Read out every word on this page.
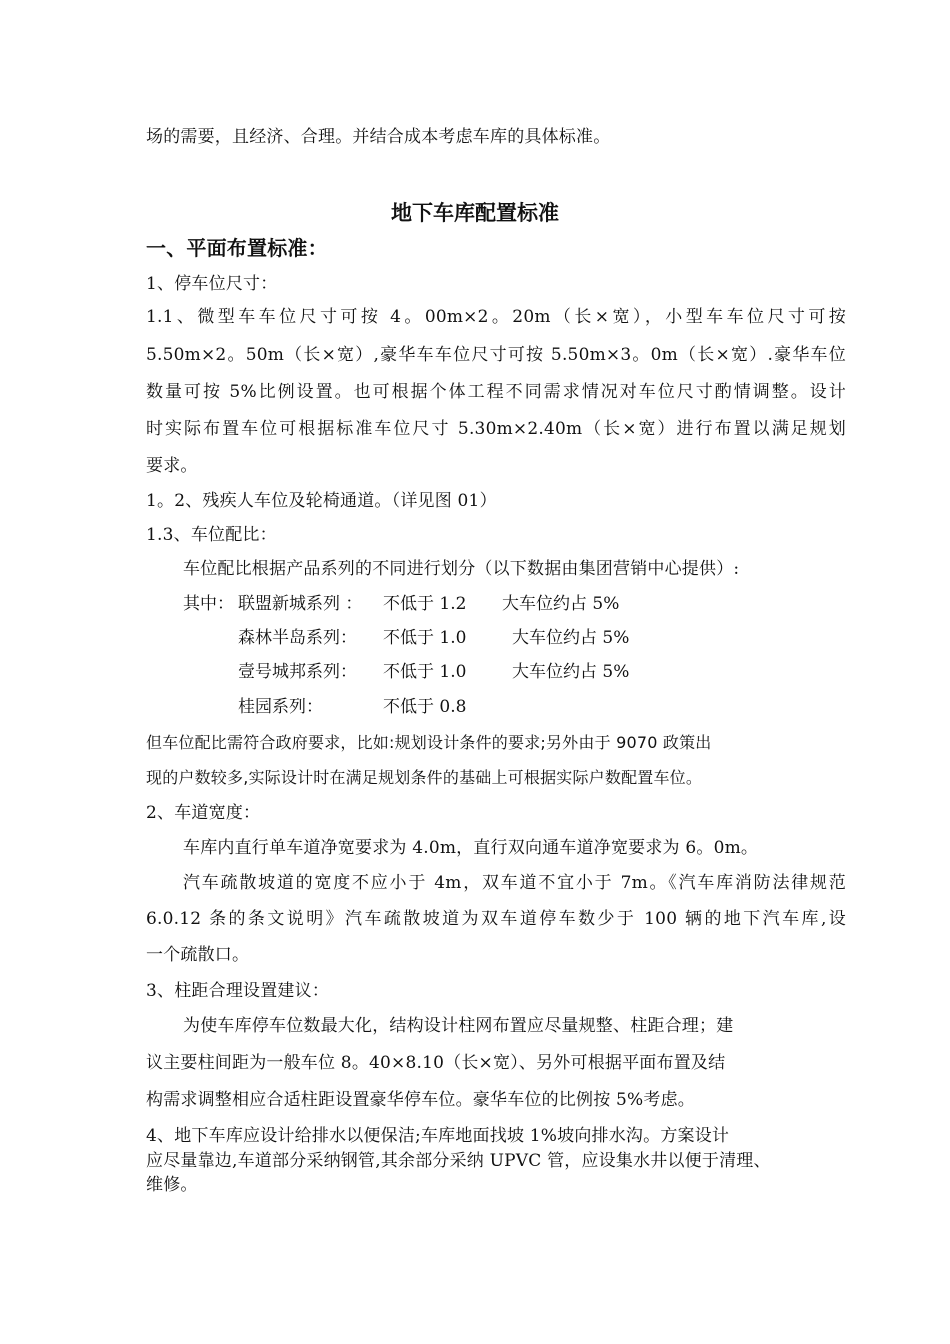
场的需要，且经济、合理。并结合成本考虑车库的具体标准。
地下车库配置标准
一、平面布置标准：
1、停车位尺寸：
1.1、微型车车位尺寸可按 4。00m×2。20m（长×宽），小型车车位尺寸可按
5.50m×2。50m（长×宽）,豪华车车位尺寸可按 5.50m×3。0m（长×宽）.豪华车位
数量可按 5%比例设置。也可根据个体工程不同需求情况对车位尺寸酌情调整。设计
时实际布置车位可根据标准车位尺寸 5.30m×2.40m（长×宽）进行布置以满足规划
要求。
1。2、残疾人车位及轮椅通道。（详见图 01）
1.3、车位配比：
车位配比根据产品系列的不同进行划分（以下数据由集团营销中心提供）:
其中： 联盟新城系列 ： 不低于 1.2 大车位约占 5%
森林半岛系列： 不低于 1.0	大车位约占 5%
壹号城邦系列： 不低于 1.0	大车位约占 5%
桂园系列：	不低于 0.8
但车位配比需符合政府要求，比如:规划设计条件的要求;另外由于 9070 政策出
现的户数较多,实际设计时在满足规划条件的基础上可根据实际户数配置车位。
2、车道宽度：
车库内直行单车道净宽要求为 4.0m，直行双向通车道净宽要求为 6。0m。
汽车疏散坡道的宽度不应小于 4m，双车道不宜小于 7m。《汽车库消防法律规范
6.0.12 条的条文说明》汽车疏散坡道为双车道停车数少于 100 辆的地下汽车库,设
一个疏散口。
3、柱距合理设置建议：
为使车库停车位数最大化，结构设计柱网布置应尽量规整、柱距合理；建
议主要柱间距为一般车位 8。40×8.10（长×宽）、另外可根据平面布置及结
构需求调整相应合适柱距设置豪华停车位。豪华车位的比例按 5%考虑。
4、地下车库应设计给排水以便保洁;车库地面找坡 1%坡向排水沟。方案设计
应尽量靠边,车道部分采纳钢管,其余部分采纳 UPVC 管，应设集水井以便于清理、
维修。
